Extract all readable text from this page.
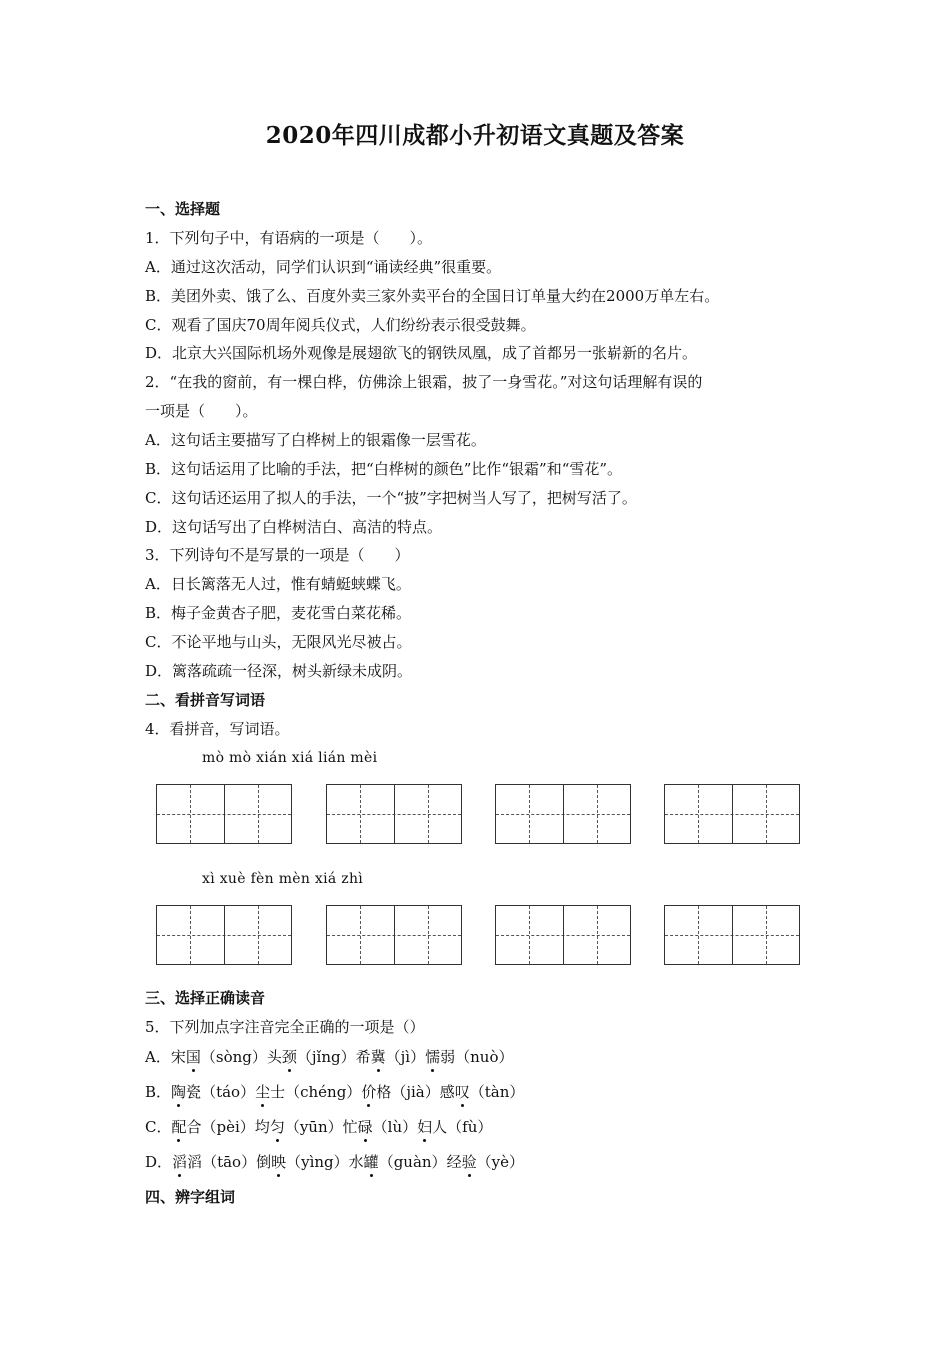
2020年四川成都小升初语文真题及答案
一、选择题
1．下列句子中，有语病的一项是（　　）。
A．通过这次活动，同学们认识到“诵读经典”很重要。
B．美团外卖、饿了么、百度外卖三家外卖平台的全国日订单量大约在2000万单左右。
C．观看了国庆70周年阅兵仪式，人们纷纷表示很受鼓舞。
D．北京大兴国际机场外观像是展翅欲飞的钢铁凤凰，成了首都另一张崭新的名片。
2．“在我的窗前，有一棵白桦，仿佛涂上银霜，披了一身雪花。”对这句话理解有误的
一项是（　　）。
A．这句话主要描写了白桦树上的银霜像一层雪花。
B．这句话运用了比喻的手法，把“白桦树的颜色”比作“银霜”和“雪花”。
C．这句话还运用了拟人的手法，一个“披”字把树当人写了，把树写活了。
D．这句话写出了白桦树洁白、高洁的特点。
3．下列诗句不是写景的一项是（　　）
A．日长篱落无人过，惟有蜻蜓蛱蝶飞。
B．梅子金黄杏子肥，麦花雪白菜花稀。
C．不论平地与山头，无限风光尽被占。
D．篱落疏疏一径深，树头新绿未成阴。
二、看拼音写词语
4．看拼音，写词语。
mò mò xián xiá lián mèi
xì xuè fèn mèn xiá zhì
三、选择正确读音
5．下列加点字注音完全正确的一项是（）
A．宋国（sòng）头颈（jǐng）希冀（jì）懦弱（nuò）
B．陶瓷（táo）尘士（chéng）价格（jià）感叹（tàn）
C．配合（pèi）均匀（yūn）忙碌（lù）妇人（fù）
D．滔滔（tāo）倒映（yìng）水罐（guàn）经验（yè）
四、辨字组词
